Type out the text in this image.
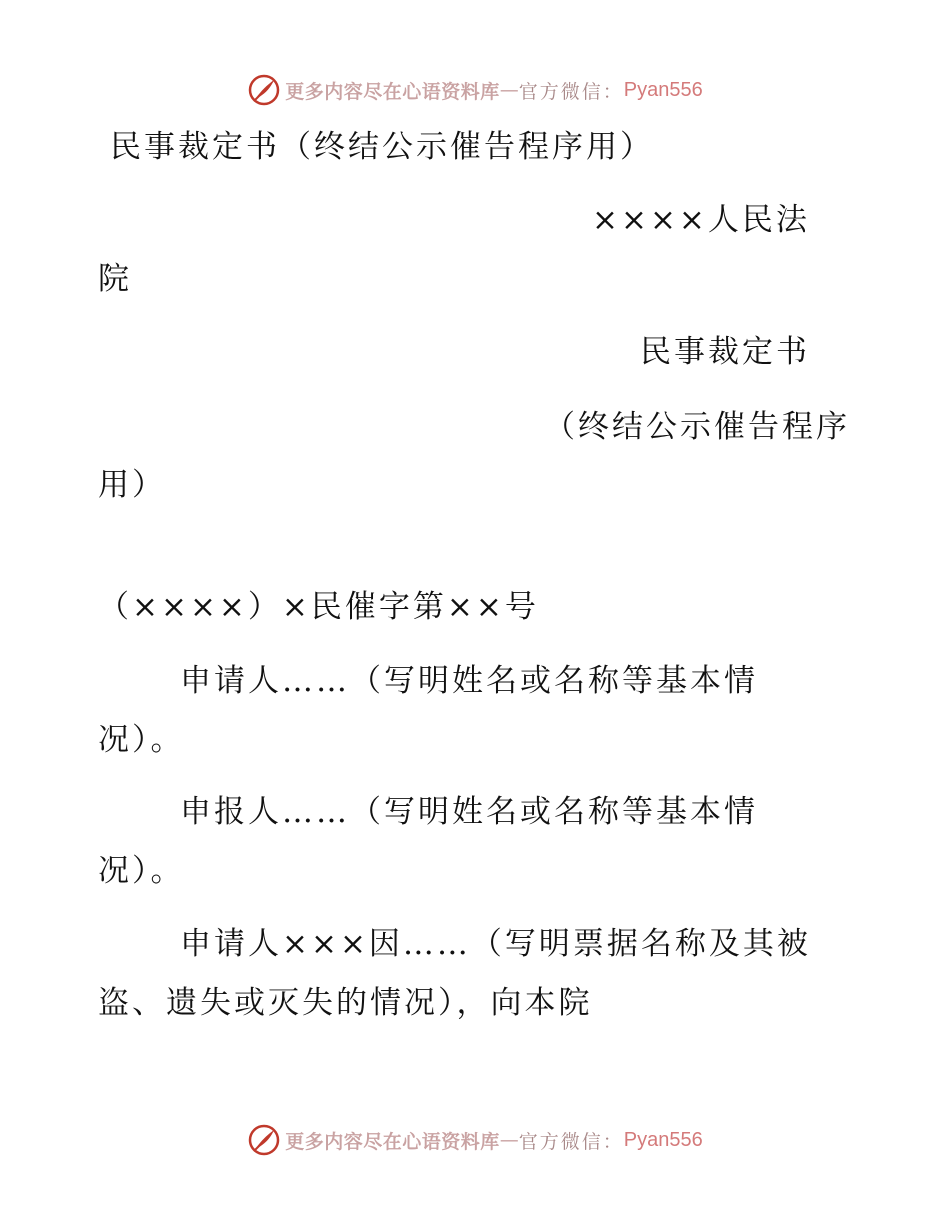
更多内容尽在心语资料库 — 官方微信： Pyan556
民事裁定书（终结公示催告程序用）
××××人民法
院
民事裁定书
（终结公示催告程序
用）
（××××）×民催字第××号
申请人……（写明姓名或名称等基本情
况）。
申报人……（写明姓名或名称等基本情
况）。
申请人×××因……（写明票据名称及其被
盗、遗失或灭失的情况），向本院
更多内容尽在心语资料库 — 官方微信： Pyan556
